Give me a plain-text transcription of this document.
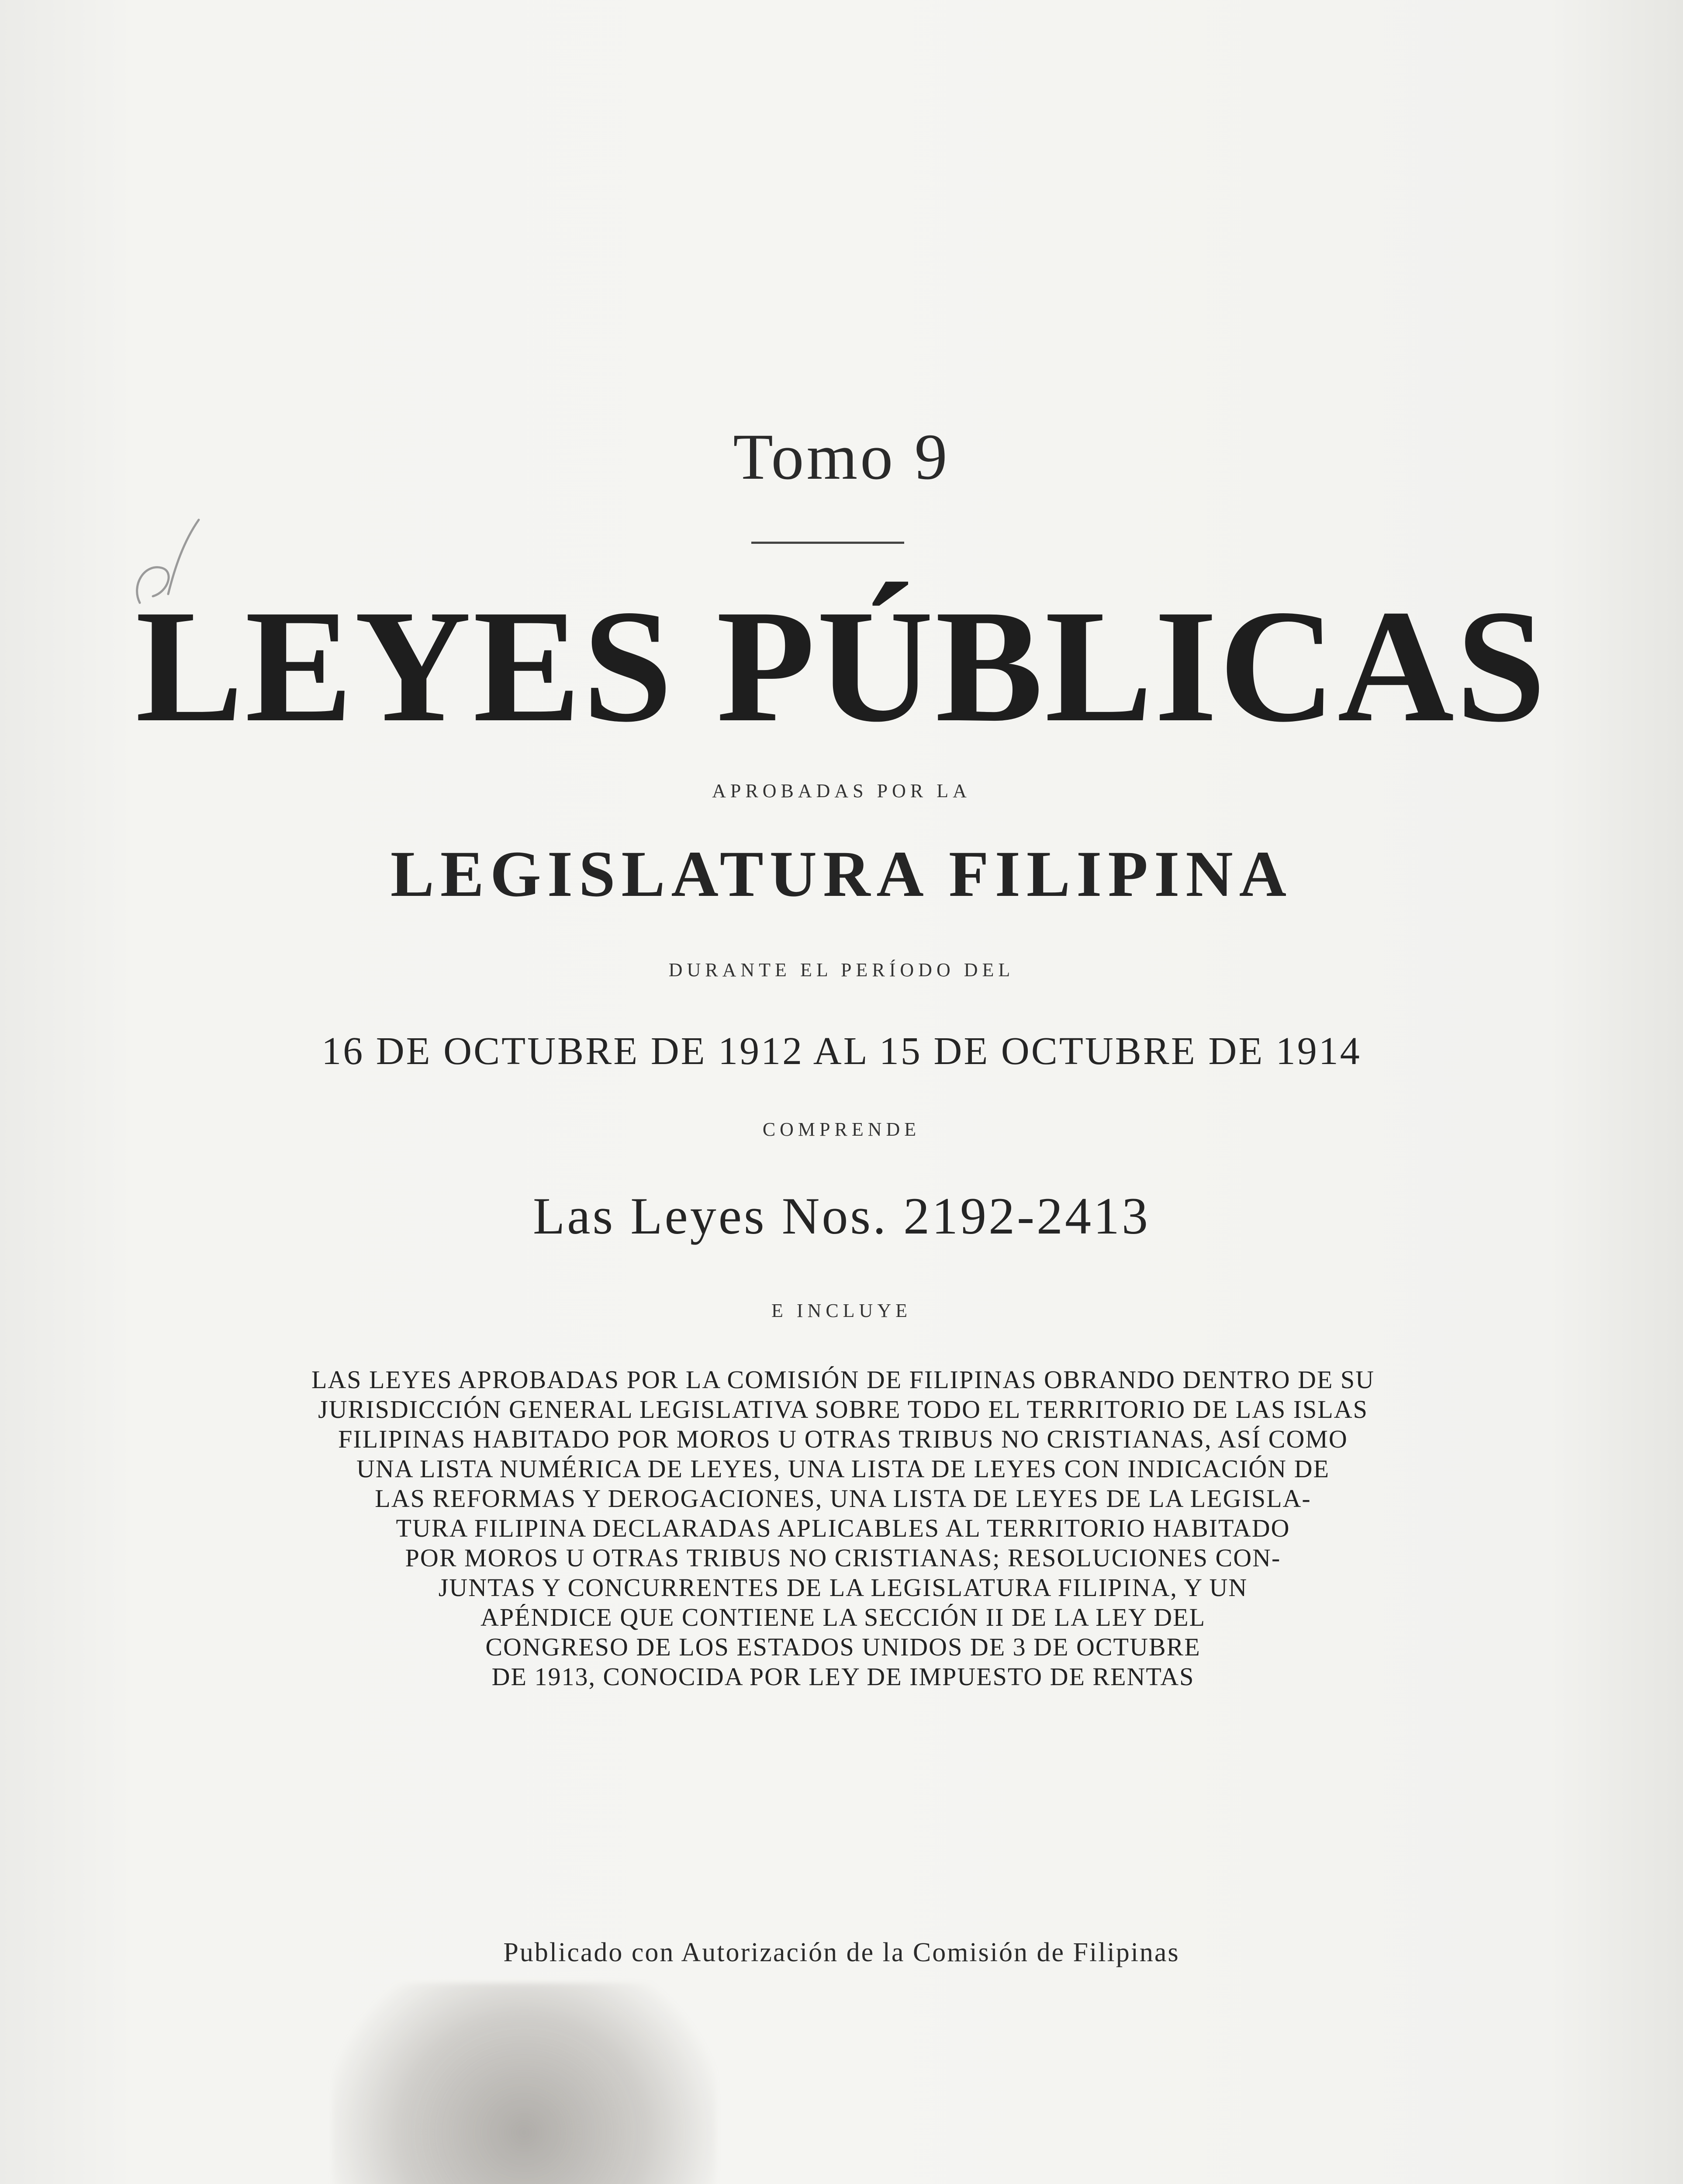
Tomo 9

LEYES PÚBLICAS

APROBADAS POR LA

LEGISLATURA FILIPINA

DURANTE EL PERÍODO DEL

16 DE OCTUBRE DE 1912 AL 15 DE OCTUBRE DE 1914

COMPRENDE

Las Leyes Nos. 2192-2413

E INCLUYE

LAS LEYES APROBADAS POR LA COMISIÓN DE FILIPINAS OBRANDO DENTRO DE SU
JURISDICCIÓN GENERAL LEGISLATIVA SOBRE TODO EL TERRITORIO DE LAS ISLAS
FILIPINAS HABITADO POR MOROS U OTRAS TRIBUS NO CRISTIANAS, ASÍ COMO
UNA LISTA NUMÉRICA DE LEYES, UNA LISTA DE LEYES CON INDICACIÓN DE
LAS REFORMAS Y DEROGACIONES, UNA LISTA DE LEYES DE LA LEGISLA-
TURA FILIPINA DECLARADAS APLICABLES AL TERRITORIO HABITADO
POR MOROS U OTRAS TRIBUS NO CRISTIANAS; RESOLUCIONES CON-
JUNTAS Y CONCURRENTES DE LA LEGISLATURA FILIPINA, Y UN
APÉNDICE QUE CONTIENE LA SECCIÓN II DE LA LEY DEL
CONGRESO DE LOS ESTADOS UNIDOS DE 3 DE OCTUBRE
DE 1913, CONOCIDA POR LEY DE IMPUESTO DE RENTAS

Publicado con Autorización de la Comisión de Filipinas
